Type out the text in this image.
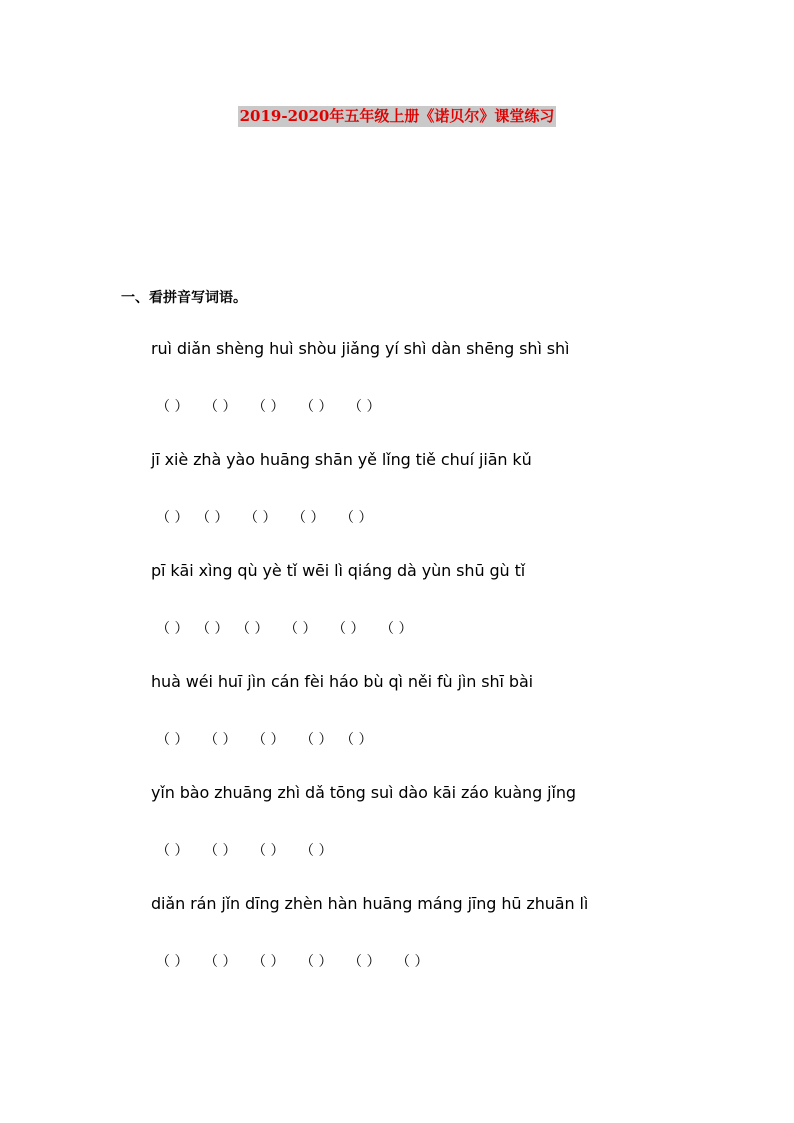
2019-2020年五年级上册《诺贝尔》课堂练习
一、看拼音写词语。
ruì diǎn shèng huì shòu jiǎng yí shì dàn shēng shì shì
（ ） （ ） （ ） （ ） （ ）
jī xiè zhà yào huāng shān yě lǐng tiě chuí jiān kǔ
（ ） （ ） （ ） （ ） （ ）
pī kāi xìng qù yè tǐ wēi lì qiáng dà yùn shū gù tǐ
（ ） （ ） （ ） （ ） （ ） （ ）
huà wéi huī jìn cán fèi háo bù qì něi fù jìn shī bài
（ ） （ ） （ ） （ ） （ ）
yǐn bào zhuāng zhì dǎ tōng suì dào kāi záo kuàng jǐng
（ ） （ ） （ ） （ ）
diǎn rán jǐn dīng zhèn hàn huāng máng jīng hū zhuān lì
（ ） （ ） （ ） （ ） （ ） （ ）
